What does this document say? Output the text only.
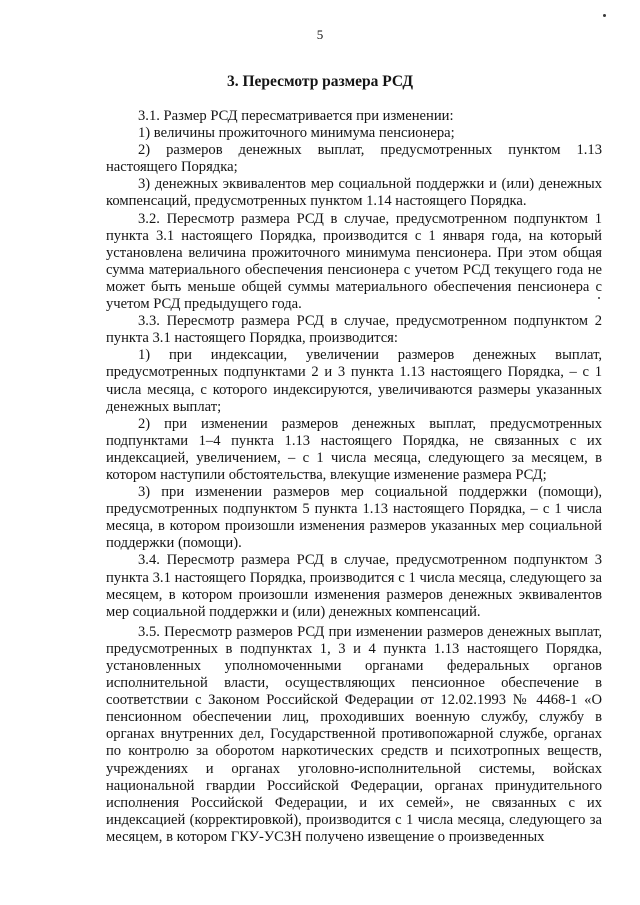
5
3. Пересмотр размера РСД

3.1. Размер РСД пересматривается при изменении:

1) величины прожиточного минимума пенсионера;

2) размеров денежных выплат, предусмотренных пунктом 1.13 настоящего Порядка;

3) денежных эквивалентов мер социальной поддержки и (или) денежных компенсаций, предусмотренных пунктом 1.14 настоящего Порядка.

3.2. Пересмотр размера РСД в случае, предусмотренном подпунктом 1 пункта 3.1 настоящего Порядка, производится с 1 января года, на который установлена величина прожиточного минимума пенсионера. При этом общая сумма материального обеспечения пенсионера с учетом РСД текущего года не может быть меньше общей суммы материального обеспечения пенсионера с учетом РСД предыдущего года.

3.3. Пересмотр размера РСД в случае, предусмотренном подпунктом 2 пункта 3.1 настоящего Порядка, производится:

1) при индексации, увеличении размеров денежных выплат, предусмотренных подпунктами 2 и 3 пункта 1.13 настоящего Порядка, – с 1 числа месяца, с которого индексируются, увеличиваются размеры указанных денежных выплат;

2) при изменении размеров денежных выплат, предусмотренных подпунктами 1–4 пункта 1.13 настоящего Порядка, не связанных с их индексацией, увеличением, – с 1 числа месяца, следующего за месяцем, в котором наступили обстоятельства, влекущие изменение размера РСД;

3) при изменении размеров мер социальной поддержки (помощи), предусмотренных подпунктом 5 пункта 1.13 настоящего Порядка, – с 1 числа месяца, в котором произошли изменения размеров указанных мер социальной поддержки (помощи).

3.4. Пересмотр размера РСД в случае, предусмотренном подпунктом 3 пункта 3.1 настоящего Порядка, производится с 1 числа месяца, следующего за месяцем, в котором произошли изменения размеров денежных эквивалентов мер социальной поддержки и (или) денежных компенсаций.

3.5. Пересмотр размеров РСД при изменении размеров денежных выплат, предусмотренных в подпунктах 1, 3 и 4 пункта 1.13 настоящего Порядка, установленных уполномоченными органами федеральных органов исполнительной власти, осуществляющих пенсионное обеспечение в соответствии с Законом Российской Федерации от 12.02.1993 № 4468-1 «О пенсионном обеспечении лиц, проходивших военную службу, службу в органах внутренних дел, Государственной противопожарной службе, органах по контролю за оборотом наркотических средств и психотропных веществ, учреждениях и органах уголовно-исполнительной системы, войсках национальной гвардии Российской Федерации, органах принудительного исполнения Российской Федерации, и их семей», не связанных с их индексацией (корректировкой), производится с 1 числа месяца, следующего за месяцем, в котором ГКУ-УСЗН получено извещение о произведенных
